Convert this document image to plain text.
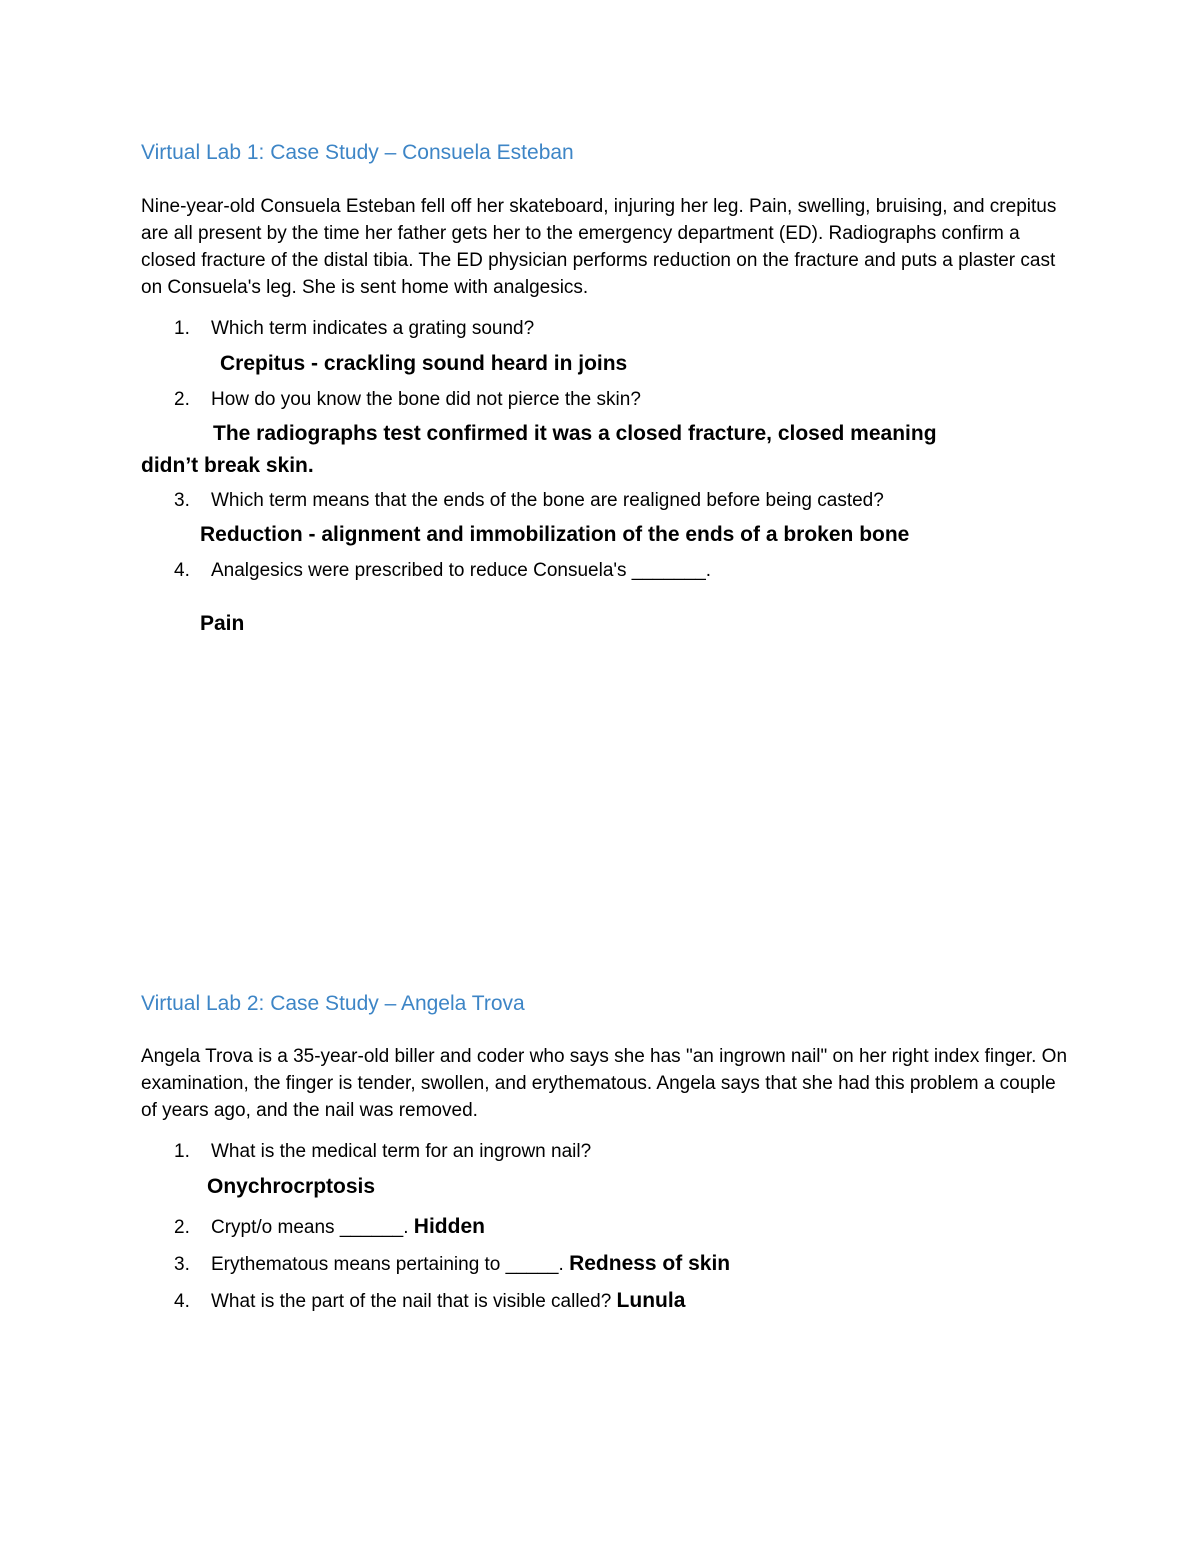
Virtual Lab 1: Case Study – Consuela Esteban

Nine-year-old Consuela Esteban fell off her skateboard, injuring her leg. Pain, swelling, bruising, and crepitus are all present by the time her father gets her to the emergency department (ED). Radiographs confirm a closed fracture of the distal tibia. The ED physician performs reduction on the fracture and puts a plaster cast on Consuela's leg. She is sent home with analgesics.

1. Which term indicates a grating sound?
Crepitus - crackling sound heard in joins
2. How do you know the bone did not pierce the skin?
The radiographs test confirmed it was a closed fracture, closed meaning
didn’t break skin.
3. Which term means that the ends of the bone are realigned before being casted?
Reduction - alignment and immobilization of the ends of a broken bone
4. Analgesics were prescribed to reduce Consuela's _______.
Pain
Virtual Lab 2: Case Study – Angela Trova

Angela Trova is a 35-year-old biller and coder who says she has "an ingrown nail" on her right index finger. On examination, the finger is tender, swollen, and erythematous. Angela says that she had this problem a couple of years ago, and the nail was removed.

1. What is the medical term for an ingrown nail?
Onychrocrptosis
2. Crypt/o means ______. Hidden
3. Erythematous means pertaining to _____. Redness of skin
4. What is the part of the nail that is visible called? Lunula
